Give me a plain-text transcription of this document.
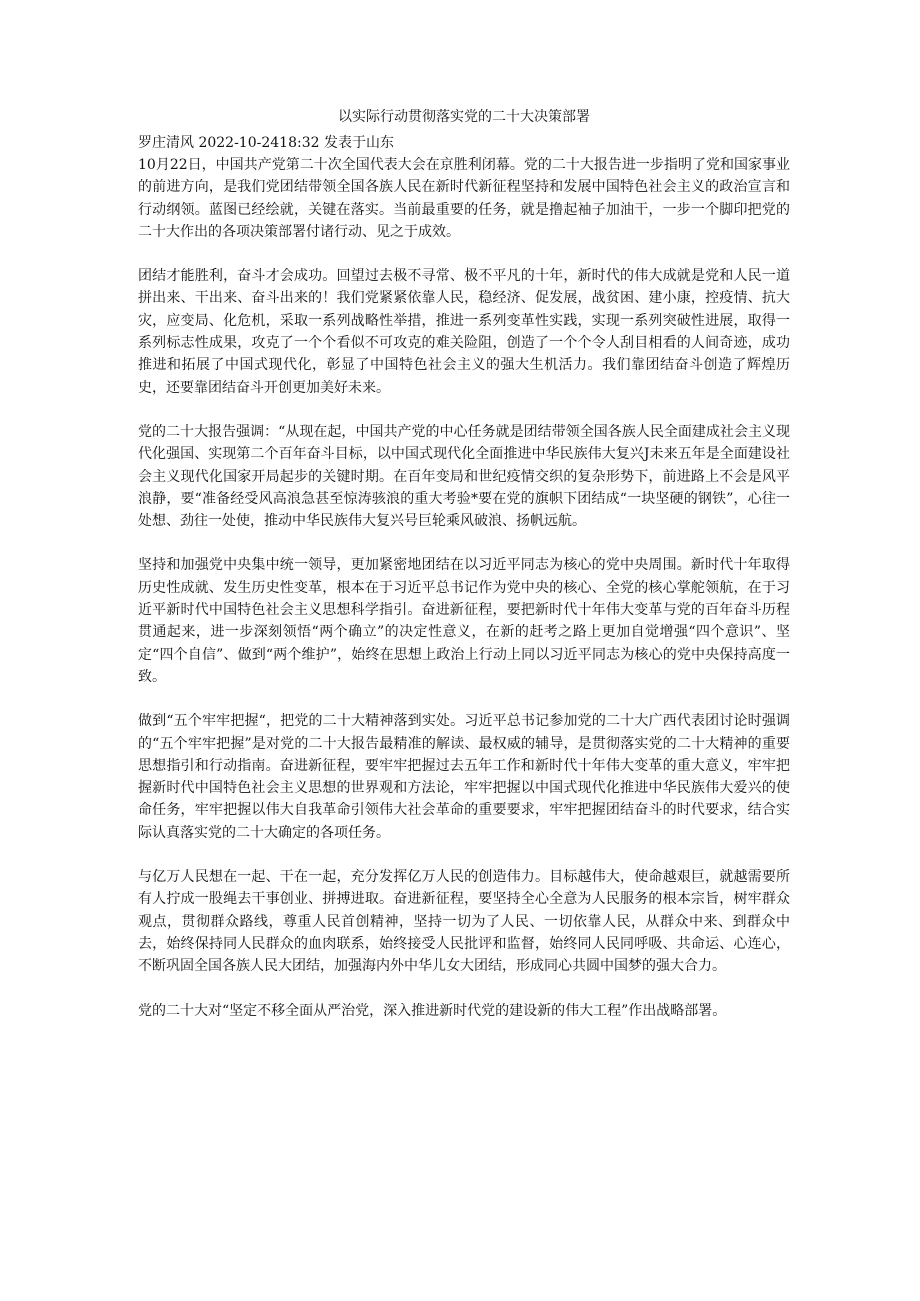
以实际行动贯彻落实党的二十大决策部署

罗庄清风 2022-10-2418:32 发表于山东

10月22日，中国共产党第二十次全国代表大会在京胜利闭幕。党的二十大报告进一步指明了党和国家事业的前进方向，是我们党团结带领全国各族人民在新时代新征程坚持和发展中国特色社会主义的政治宣言和行动纲领。蓝图已经绘就，关键在落实。当前最重要的任务，就是撸起袖子加油干，一步一个脚印把党的二十大作出的各项决策部署付诸行动、见之于成效。

团结才能胜利，奋斗才会成功。回望过去极不寻常、极不平凡的十年，新时代的伟大成就是党和人民一道拼出来、干出来、奋斗出来的！我们党紧紧依靠人民，稳经济、促发展，战贫困、建小康，控疫情、抗大灾，应变局、化危机，采取一系列战略性举措，推进一系列变革性实践，实现一系列突破性进展，取得一系列标志性成果，攻克了一个个看似不可攻克的难关险阻，创造了一个个令人刮目相看的人间奇迹，成功推进和拓展了中国式现代化，彰显了中国特色社会主义的强大生机活力。我们靠团结奋斗创造了辉煌历史，还要靠团结奋斗开创更加美好未来。

党的二十大报告强调：“从现在起，中国共产党的中心任务就是团结带领全国各族人民全面建成社会主义现代化强国、实现第二个百年奋斗目标，以中国式现代化全面推进中华民族伟大复兴J未来五年是全面建设社会主义现代化国家开局起步的关键时期。在百年变局和世纪疫情交织的复杂形势下，前进路上不会是风平浪静，要“准备经受风高浪急甚至惊涛骇浪的重大考验*要在党的旗帜下团结成“一块坚硬的钢铁”，心往一处想、劲往一处使，推动中华民族伟大复兴号巨轮乘风破浪、扬帆远航。

坚持和加强党中央集中统一领导，更加紧密地团结在以习近平同志为核心的党中央周围。新时代十年取得历史性成就、发生历史性变革，根本在于习近平总书记作为党中央的核心、全党的核心掌舵领航，在于习近平新时代中国特色社会主义思想科学指引。奋进新征程，要把新时代十年伟大变革与党的百年奋斗历程贯通起来，进一步深刻领悟“两个确立”的决定性意义，在新的赶考之路上更加自觉增强“四个意识”、坚定“四个自信”、做到“两个维护”，始终在思想上政治上行动上同以习近平同志为核心的党中央保持高度一致。

做到“五个牢牢把握“，把党的二十大精神落到实处。习近平总书记参加党的二十大广西代表团讨论时强调的“五个牢牢把握”是对党的二十大报告最精准的解读、最权威的辅导，是贯彻落实党的二十大精神的重要思想指引和行动指南。奋进新征程，要牢牢把握过去五年工作和新时代十年伟大变革的重大意义，牢牢把握新时代中国特色社会主义思想的世界观和方法论，牢牢把握以中国式现代化推进中华民族伟大爱兴的使命任务，牢牢把握以伟大自我革命引领伟大社会革命的重要要求，牢牢把握团结奋斗的时代要求，结合实际认真落实党的二十大确定的各项任务。

与亿万人民想在一起、干在一起，充分发挥亿万人民的创造伟力。目标越伟大，使命越艰巨，就越需要所有人拧成一股绳去干事创业、拼搏进取。奋进新征程，要坚持全心全意为人民服务的根本宗旨，树牢群众观点，贯彻群众路线，尊重人民首创精神，坚持一切为了人民、一切依靠人民，从群众中来、到群众中去，始终保持同人民群众的血肉联系，始终接受人民批评和监督，始终同人民同呼吸、共命运、心连心，不断巩固全国各族人民大团结，加强海内外中华儿女大团结，形成同心共圆中国梦的强大合力。

党的二十大对“坚定不移全面从严治党，深入推进新时代党的建设新的伟大工程”作出战略部署。
